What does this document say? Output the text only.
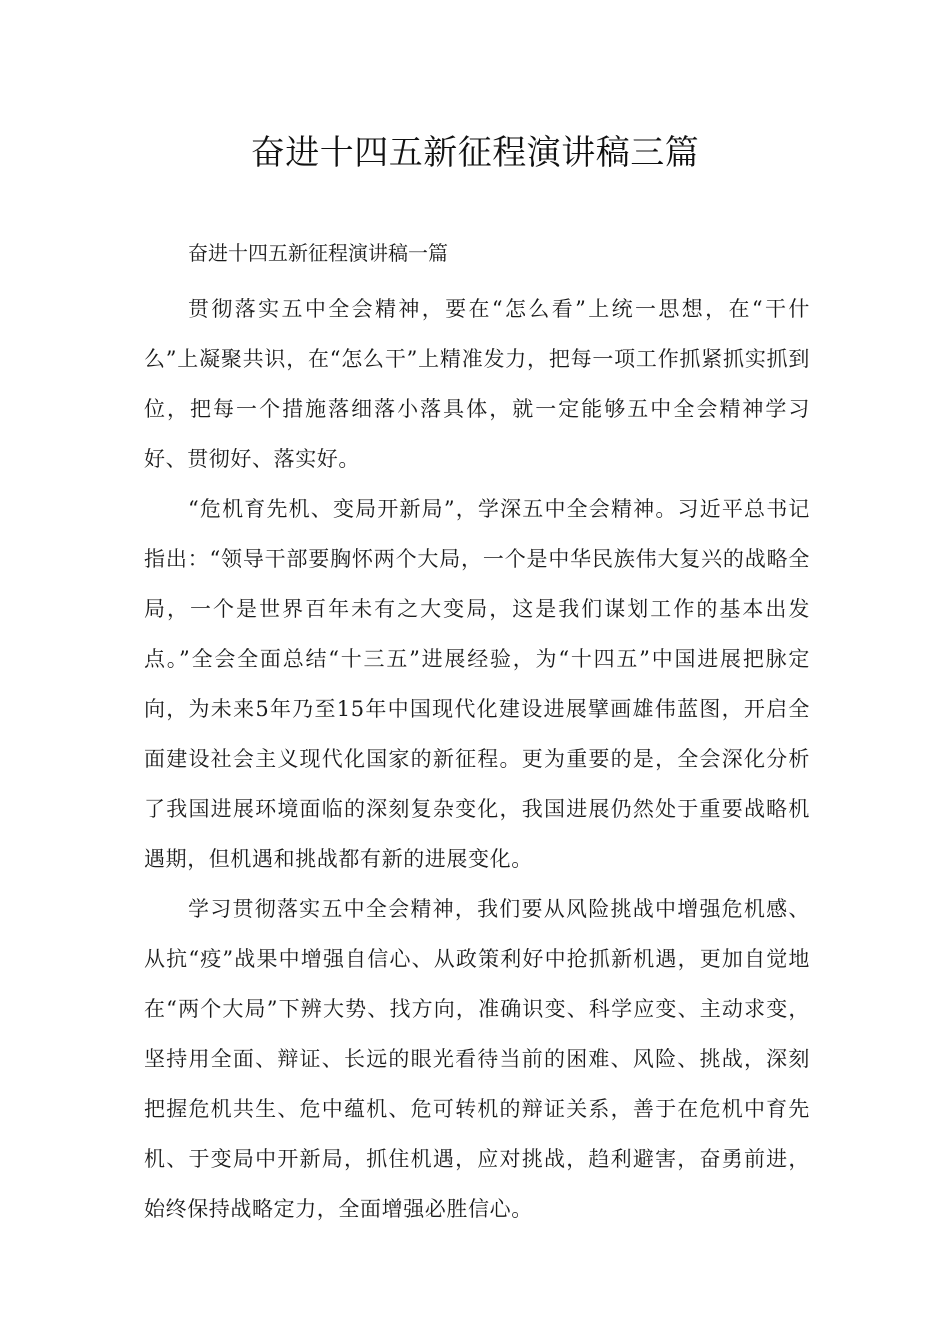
奋进十四五新征程演讲稿三篇

奋进十四五新征程演讲稿一篇

贯彻落实五中全会精神，要在“怎么看”上统一思想，在“干什么”上凝聚共识，在“怎么干”上精准发力，把每一项工作抓紧抓实抓到位，把每一个措施落细落小落具体，就一定能够五中全会精神学习好、贯彻好、落实好。

“危机育先机、变局开新局”，学深五中全会精神。习近平总书记指出：“领导干部要胸怀两个大局，一个是中华民族伟大复兴的战略全局，一个是世界百年未有之大变局，这是我们谋划工作的基本出发点。”全会全面总结“十三五”进展经验，为“十四五”中国进展把脉定向，为未来5年乃至15年中国现代化建设进展擘画雄伟蓝图，开启全面建设社会主义现代化国家的新征程。更为重要的是，全会深化分析了我国进展环境面临的深刻复杂变化，我国进展仍然处于重要战略机遇期，但机遇和挑战都有新的进展变化。

学习贯彻落实五中全会精神，我们要从风险挑战中增强危机感、从抗“疫”战果中增强自信心、从政策利好中抢抓新机遇，更加自觉地在“两个大局”下辨大势、找方向，准确识变、科学应变、主动求变，坚持用全面、辩证、长远的眼光看待当前的困难、风险、挑战，深刻把握危机共生、危中蕴机、危可转机的辩证关系，善于在危机中育先机、于变局中开新局，抓住机遇，应对挑战，趋利避害，奋勇前进，始终保持战略定力，全面增强必胜信心。
